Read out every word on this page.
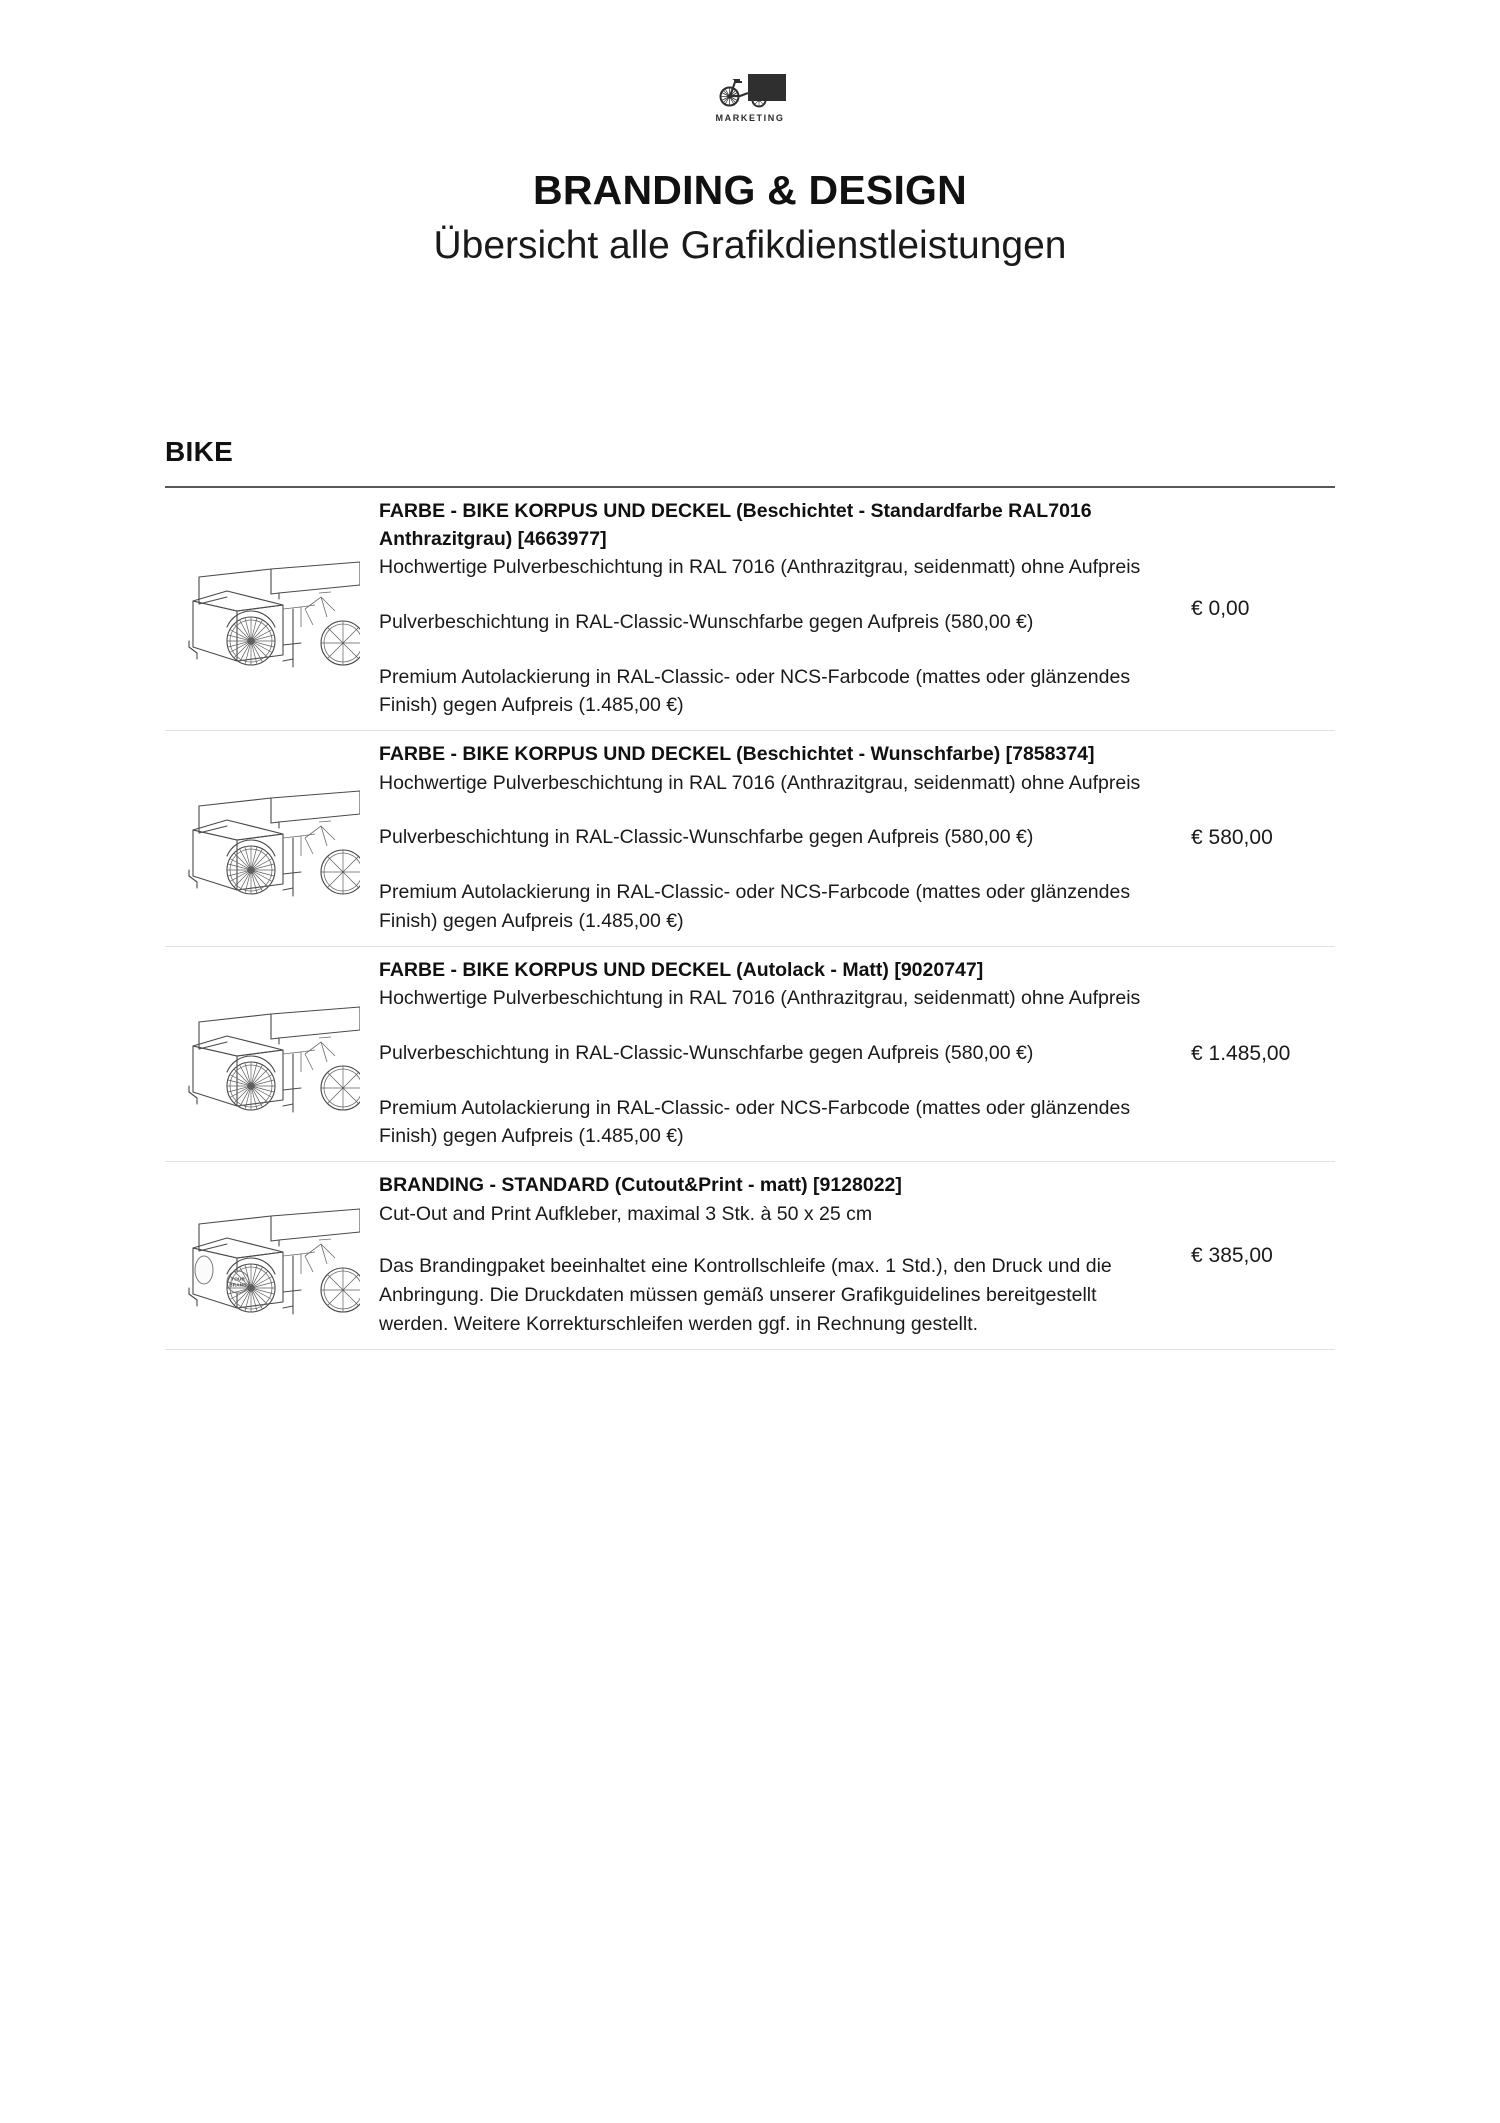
MARKETING
BRANDING & DESIGN
Übersicht alle Grafikdienstleistungen
BIKE
FARBE - BIKE KORPUS UND DECKEL (Beschichtet - Standardfarbe RAL7016 Anthrazitgrau) [4663977]
Hochwertige Pulverbeschichtung in RAL 7016 (Anthrazitgrau, seidenmatt) ohne Aufpreis
Pulverbeschichtung in RAL-Classic-Wunschfarbe gegen Aufpreis (580,00 €)
Premium Autolackierung in RAL-Classic- oder NCS-Farbcode (mattes oder glänzendes Finish) gegen Aufpreis (1.485,00 €)
€ 0,00
FARBE - BIKE KORPUS UND DECKEL (Beschichtet - Wunschfarbe) [7858374]
Hochwertige Pulverbeschichtung in RAL 7016 (Anthrazitgrau, seidenmatt) ohne Aufpreis
Pulverbeschichtung in RAL-Classic-Wunschfarbe gegen Aufpreis (580,00 €)
Premium Autolackierung in RAL-Classic- oder NCS-Farbcode (mattes oder glänzendes Finish) gegen Aufpreis (1.485,00 €)
€ 580,00
FARBE - BIKE KORPUS UND DECKEL (Autolack - Matt) [9020747]
Hochwertige Pulverbeschichtung in RAL 7016 (Anthrazitgrau, seidenmatt) ohne Aufpreis
Pulverbeschichtung in RAL-Classic-Wunschfarbe gegen Aufpreis (580,00 €)
Premium Autolackierung in RAL-Classic- oder NCS-Farbcode (mattes oder glänzendes Finish) gegen Aufpreis (1.485,00 €)
€ 1.485,00
YOUR
BRAND
BRANDING - STANDARD (Cutout&Print - matt) [9128022]
Cut-Out and Print Aufkleber, maximal 3 Stk. à 50 x 25 cm
Das Brandingpaket beeinhaltet eine Kontrollschleife (max. 1 Std.), den Druck und die Anbringung. Die Druckdaten müssen gemäß unserer Grafikguidelines bereitgestellt werden. Weitere Korrekturschleifen werden ggf. in Rechnung gestellt.
€ 385,00
